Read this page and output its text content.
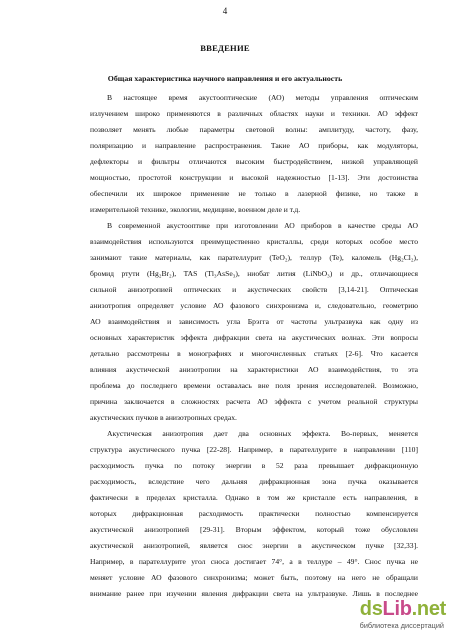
4
ВВЕДЕНИЕ
Общая характеристика научного направления и его актуальность
В настоящее время акустооптические (АО) методы управления оптическим
излучением широко применяются в различных областях науки и техники. АО эффект
позволяет менять любые параметры световой волны: амплитуду, частоту, фазу,
поляризацию и направление распространения. Такие АО приборы, как модуляторы,
дефлекторы и фильтры отличаются высоким быстродействием, низкой управляющей
мощностью, простотой конструкции и высокой надежностью [1-13]. Эти достоинства
обеспечили их широкое применение не только в лазерной физике, но также в
измерительной технике, экологии, медицине, военном деле и т.д.
В современной акустооптике при изготовлении АО приборов в качестве среды АО
взаимодействия используются преимущественно кристаллы, среди которых особое место
занимают такие материалы, как парателлурит (TeO₂), теллур (Te), каломель (Hg₂Cl₂),
бромид ртути (Hg₂Br₂), TAS (Tl₃AsSe₃), ниобат лития (LiNbO₃) и др., отличающиеся
сильной анизотропией оптических и акустических свойств [3,14-21]. Оптическая
анизотропия определяет условие АО фазового синхронизма и, следовательно, геометрию
АО взаимодействия и зависимость угла Брэгга от частоты ультразвука как одну из
основных характеристик эффекта дифракции света на акустических волнах. Эти вопросы
детально рассмотрены в монографиях и многочисленных статьях [2-6]. Что касается
влияния акустической анизотропии на характеристики АО взаимодействия, то эта
проблема до последнего времени оставалась вне поля зрения исследователей. Возможно,
причина заключается в сложностях расчета АО эффекта с учетом реальной структуры
акустических пучков в анизотропных средах.
Акустическая анизотропия дает два основных эффекта. Во-первых, меняется
структура акустического пучка [22-28]. Например, в парателлурите в направлении [110]
расходимость пучка по потоку энергии в 52 раза превышает дифракционную
расходимость, вследствие чего дальняя дифракционная зона пучка оказывается
фактически в пределах кристалла. Однако в том же кристалле есть направления, в
которых дифракционная расходимость практически полностью компенсируется
акустической анизотропией [29-31]. Вторым эффектом, который тоже обусловлен
акустической анизотропией, является снос энергии в акустическом пучке [32,33].
Например, в парателлурите угол сноса достигает 74°, а в теллуре – 49°. Снос пучка не
меняет условие АО фазового синхронизма; может быть, поэтому на него не обращали
внимание ранее при изучении явления дифракции света на ультразвуке. Лишь в последнее
dsLib.net
библиотека диссертаций
